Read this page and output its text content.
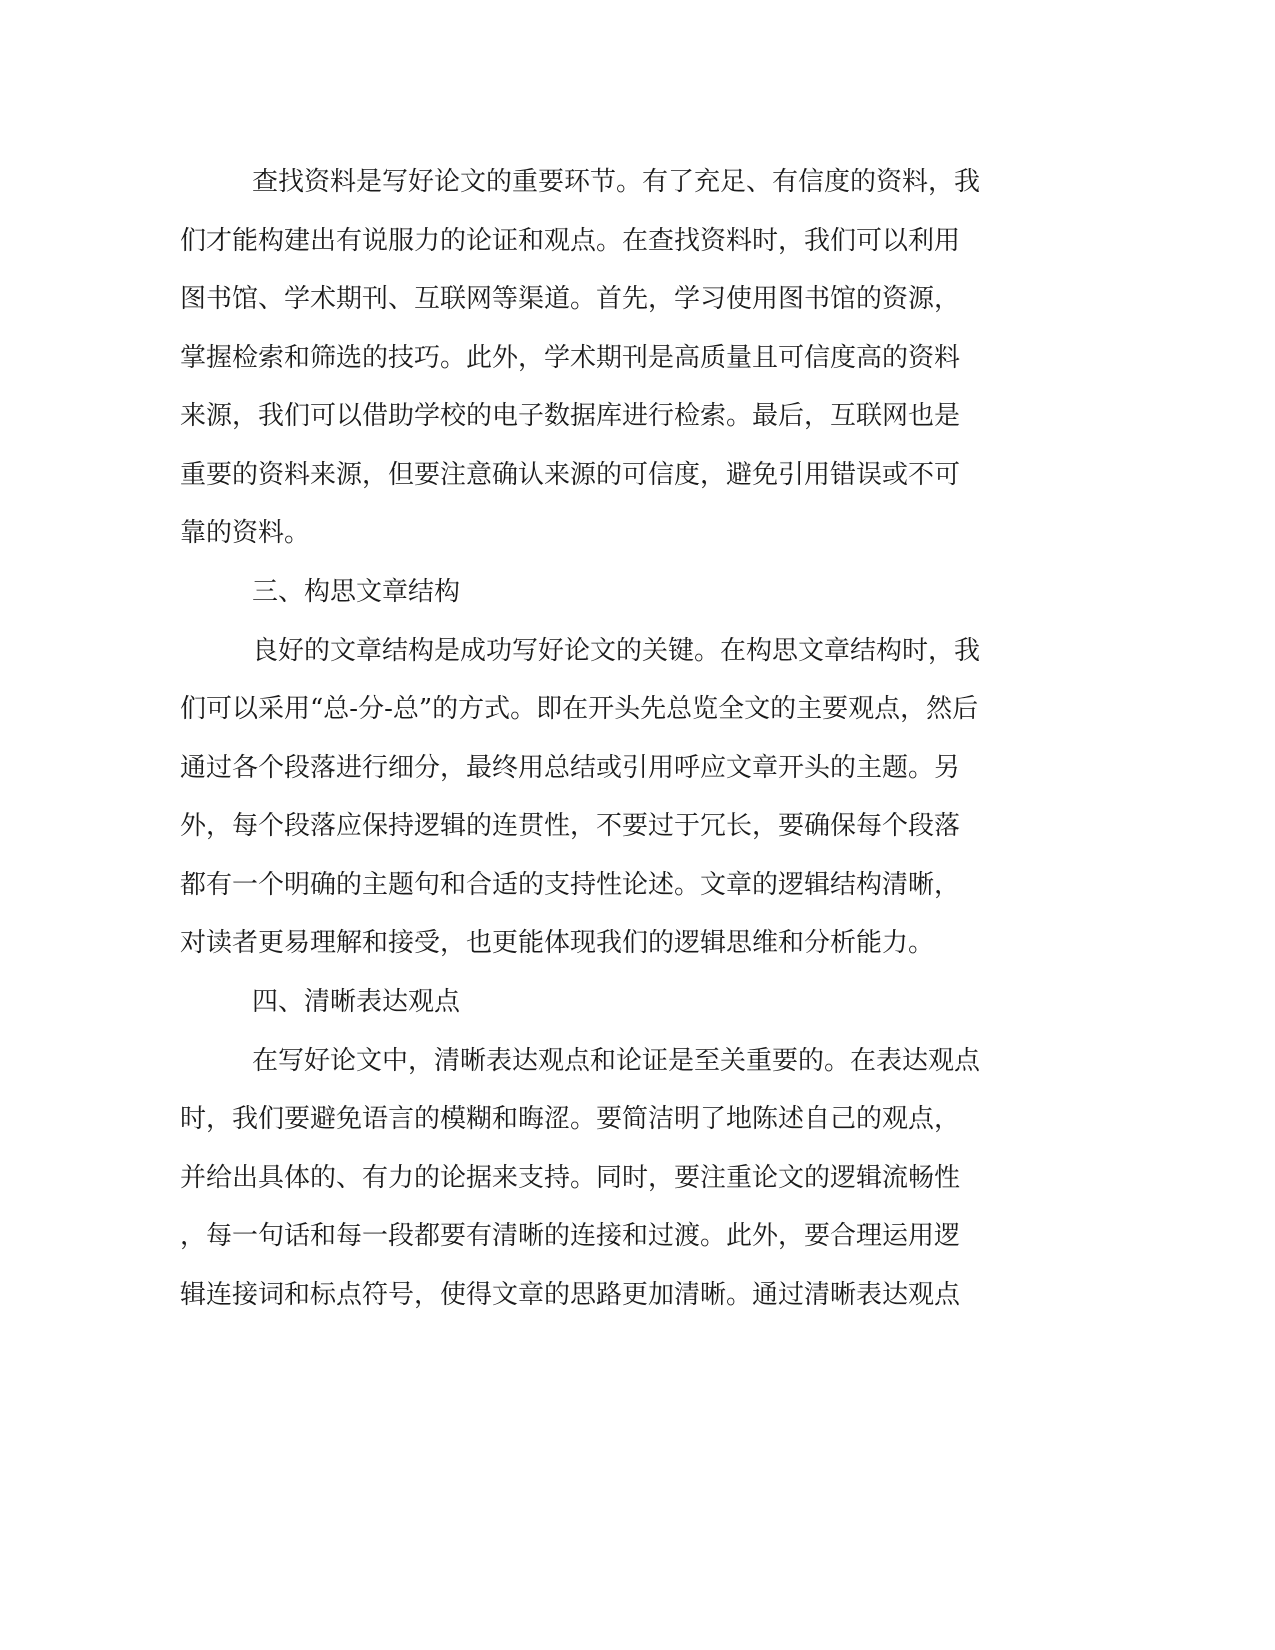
查找资料是写好论文的重要环节。有了充足、有信度的资料，我

们才能构建出有说服力的论证和观点。在查找资料时，我们可以利用

图书馆、学术期刊、互联网等渠道。首先，学习使用图书馆的资源，

掌握检索和筛选的技巧。此外，学术期刊是高质量且可信度高的资料

来源，我们可以借助学校的电子数据库进行检索。最后，互联网也是

重要的资料来源，但要注意确认来源的可信度，避免引用错误或不可

靠的资料。

三、构思文章结构

良好的文章结构是成功写好论文的关键。在构思文章结构时，我

们可以采用“总-分-总”的方式。即在开头先总览全文的主要观点，然后

通过各个段落进行细分，最终用总结或引用呼应文章开头的主题。另

外，每个段落应保持逻辑的连贯性，不要过于冗长，要确保每个段落

都有一个明确的主题句和合适的支持性论述。文章的逻辑结构清晰，

对读者更易理解和接受，也更能体现我们的逻辑思维和分析能力。

四、清晰表达观点

在写好论文中，清晰表达观点和论证是至关重要的。在表达观点

时，我们要避免语言的模糊和晦涩。要简洁明了地陈述自己的观点，

并给出具体的、有力的论据来支持。同时，要注重论文的逻辑流畅性

，每一句话和每一段都要有清晰的连接和过渡。此外，要合理运用逻

辑连接词和标点符号，使得文章的思路更加清晰。通过清晰表达观点
